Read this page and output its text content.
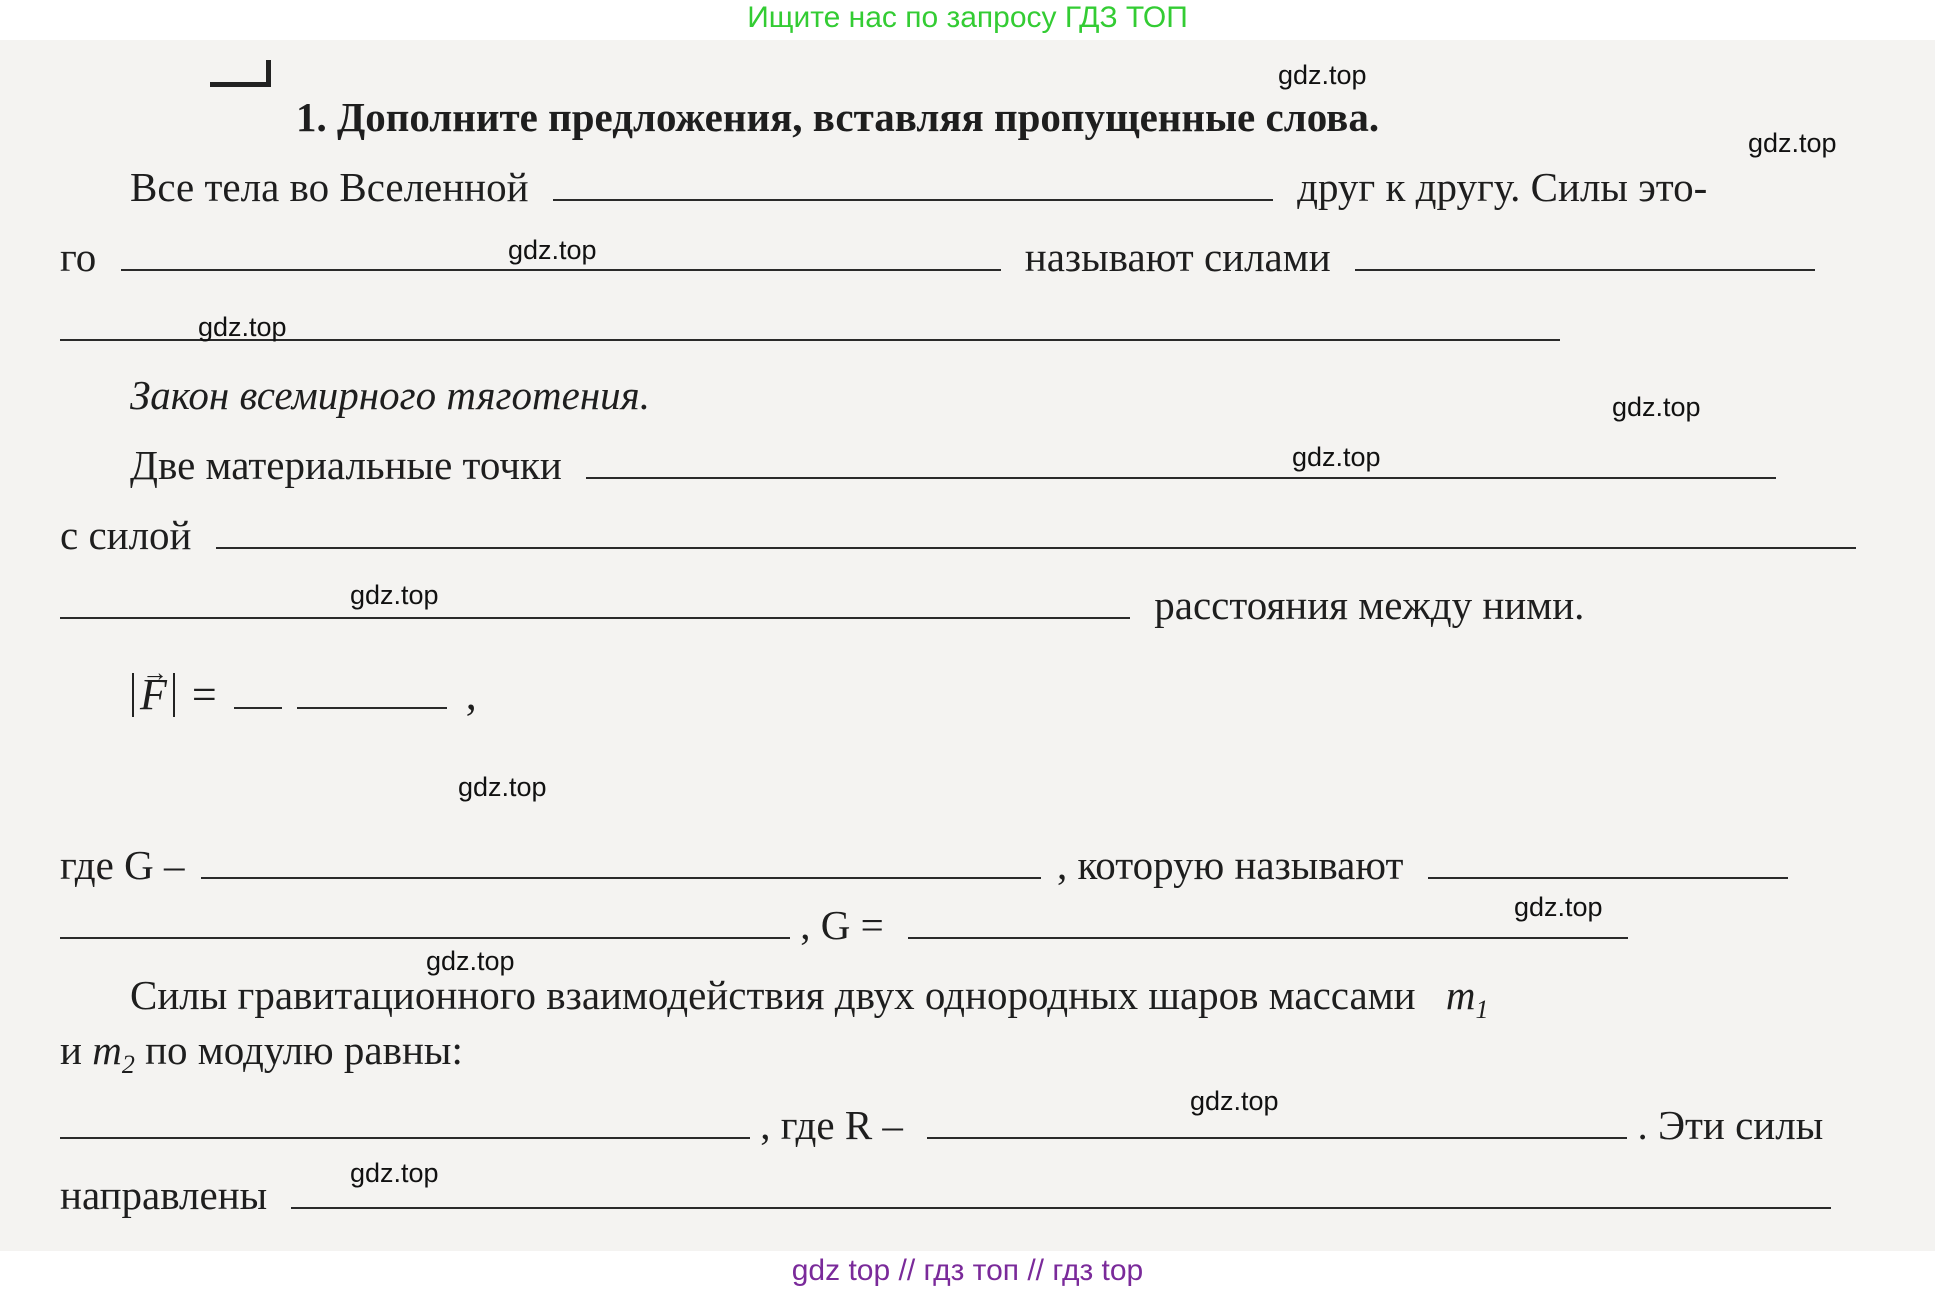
Ищите нас по запросу ГДЗ ТОП

1. Дополните предложения, вставляя пропущенные слова.
Все тела во Вселенной	друг к другу. Силы это-
го	называют силами
Закон всемирного тяготения.
Две материальные точки
с силой
расстояния между ними.
→ F =	,
где G –	, которую называют
, G =
Силы гравитационного взаимодействия двух однородных шаров массами $m_1$
и $m_2$ по модулю равны:
, где R –	. Эти силы
направлены
gdz.top
gdz.top
gdz.top
gdz.top
gdz.top
gdz.top
gdz.top
gdz.top
gdz.top
gdz.top
gdz.top
gdz.top
gdz top // гдз топ // гдз top
